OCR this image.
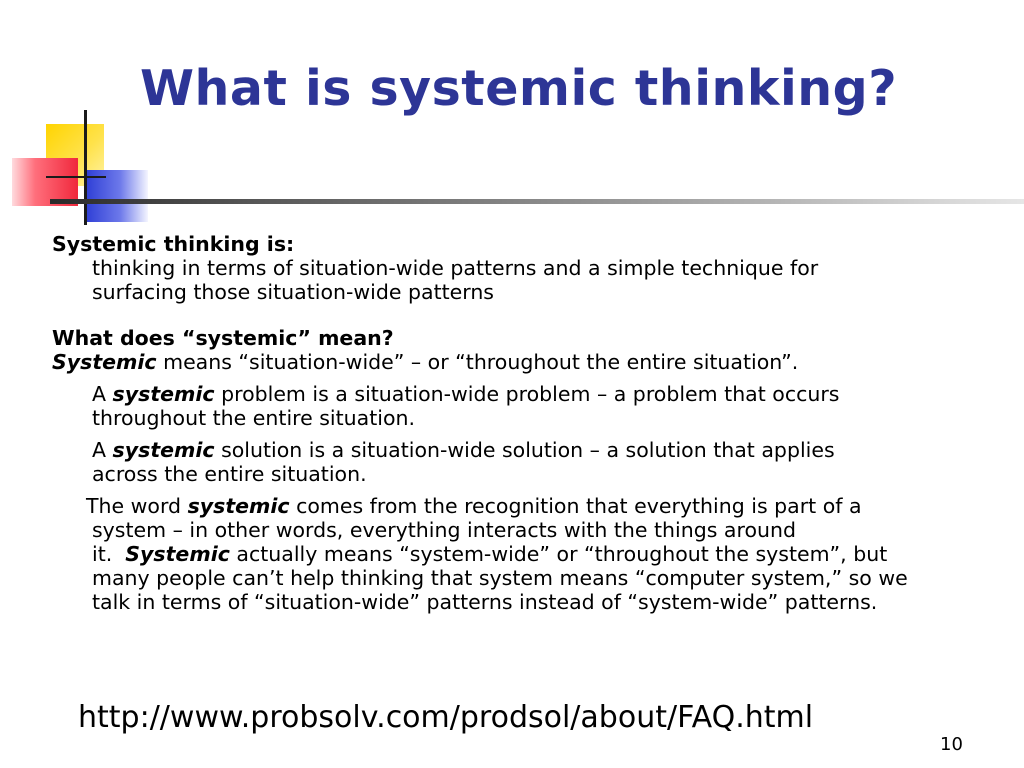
What is systemic thinking?
Systemic thinking is:
thinking in terms of situation-wide patterns and a simple technique for
surfacing those situation-wide patterns
What does “systemic” mean?
Systemic means “situation-wide” – or “throughout the entire situation”.
A systemic problem is a situation-wide problem – a problem that occurs
throughout the entire situation.
A systemic solution is a situation-wide solution – a solution that applies
across the entire situation.
The word systemic comes from the recognition that everything is part of a
system – in other words, everything interacts with the things around
it.  Systemic actually means “system-wide” or “throughout the system”, but
many people can’t help thinking that system means “computer system,” so we
talk in terms of “situation-wide” patterns instead of “system-wide” patterns.
http://www.probsolv.com/prodsol/about/FAQ.html
10
